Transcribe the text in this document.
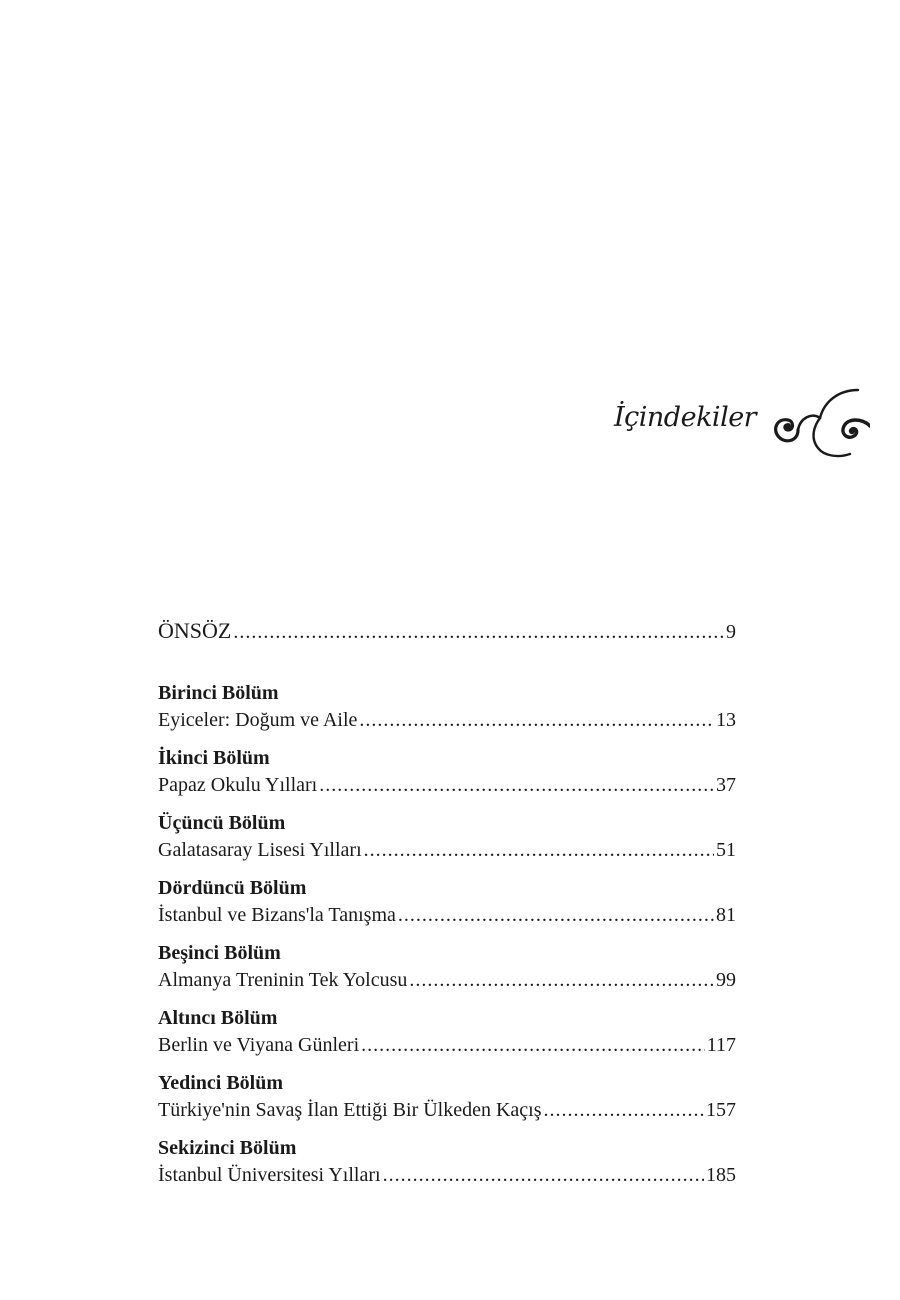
İçindekiler
ÖNSÖZ .....	9
Birinci Bölüm
Eyiceler: Doğum ve Aile .....	13
İkinci Bölüm
Papaz Okulu Yılları .....	37
Üçüncü Bölüm
Galatasaray Lisesi Yılları .....	51
Dördüncü Bölüm
İstanbul ve Bizans'la Tanışma .....	81
Beşinci Bölüm
Almanya Treninin Tek Yolcusu .....	99
Altıncı Bölüm
Berlin ve Viyana Günleri .....	117
Yedinci Bölüm
Türkiye'nin Savaş İlan Ettiği Bir Ülkeden Kaçış .....	157
Sekizinci Bölüm
İstanbul Üniversitesi Yılları .....	185
